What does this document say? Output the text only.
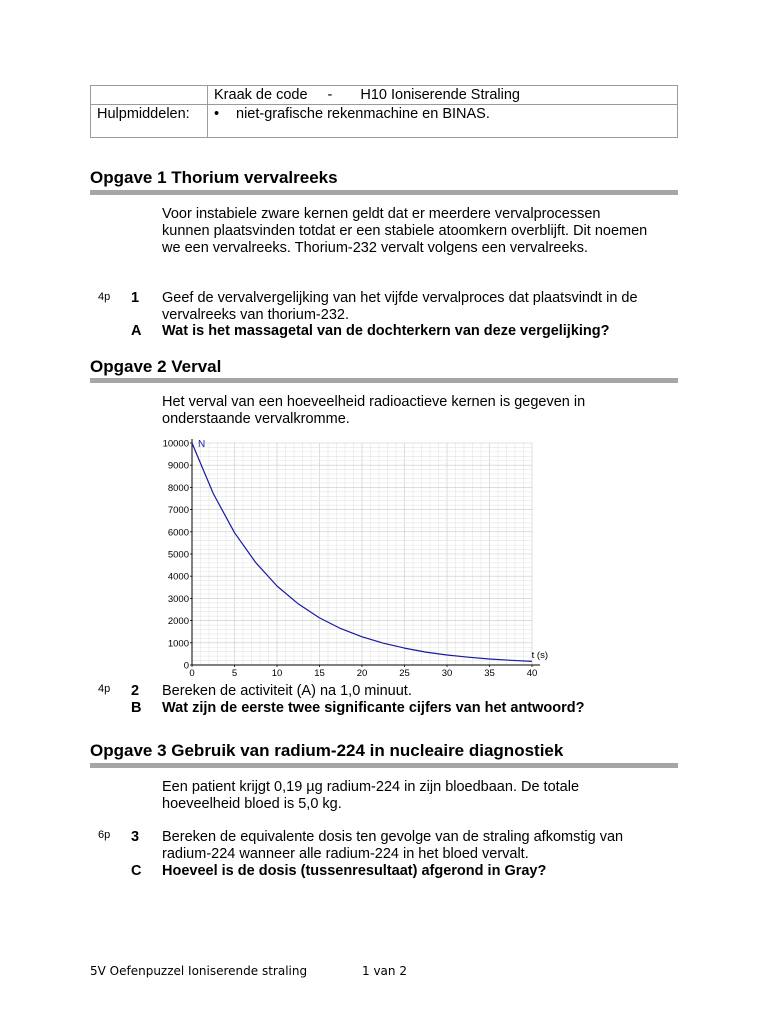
	Kraak de code - H10 Ioniserende Straling
Hulpmiddelen:	• niet-grafische rekenmachine en BINAS.
Opgave 1 Thorium vervalreeks
Voor instabiele zware kernen geldt dat er meerdere vervalprocessen kunnen plaatsvinden totdat er een stabiele atoomkern overblijft. Dit noemen we een vervalreeks. Thorium-232 vervalt volgens een vervalreeks.
4p 1 Geef de vervalvergelijking van het vijfde vervalproces dat plaatsvindt in de vervalreeks van thorium-232.
A Wat is het massagetal van de dochterkern van deze vergelijking?
Opgave 2 Verval
Het verval van een hoeveelheid radioactieve kernen is gegeven in onderstaande vervalkromme.
0	5	10	15	20	25	30	35	40
0
1000
2000
3000
4000
5000
6000
7000
8000
9000
10000 N
t (s)
4p 2 Bereken de activiteit (A) na 1,0 minuut.
B Wat zijn de eerste twee significante cijfers van het antwoord?
Opgave 3 Gebruik van radium-224 in nucleaire diagnostiek
Een patient krijgt 0,19 µg radium-224 in zijn bloedbaan. De totale hoeveelheid bloed is 5,0 kg.
6p 3 Bereken de equivalente dosis ten gevolge van de straling afkomstig van radium-224 wanneer alle radium-224 in het bloed vervalt.
C Hoeveel is de dosis (tussenresultaat) afgerond in Gray?
5V Oefenpuzzel Ioniserende straling	1 van 2
